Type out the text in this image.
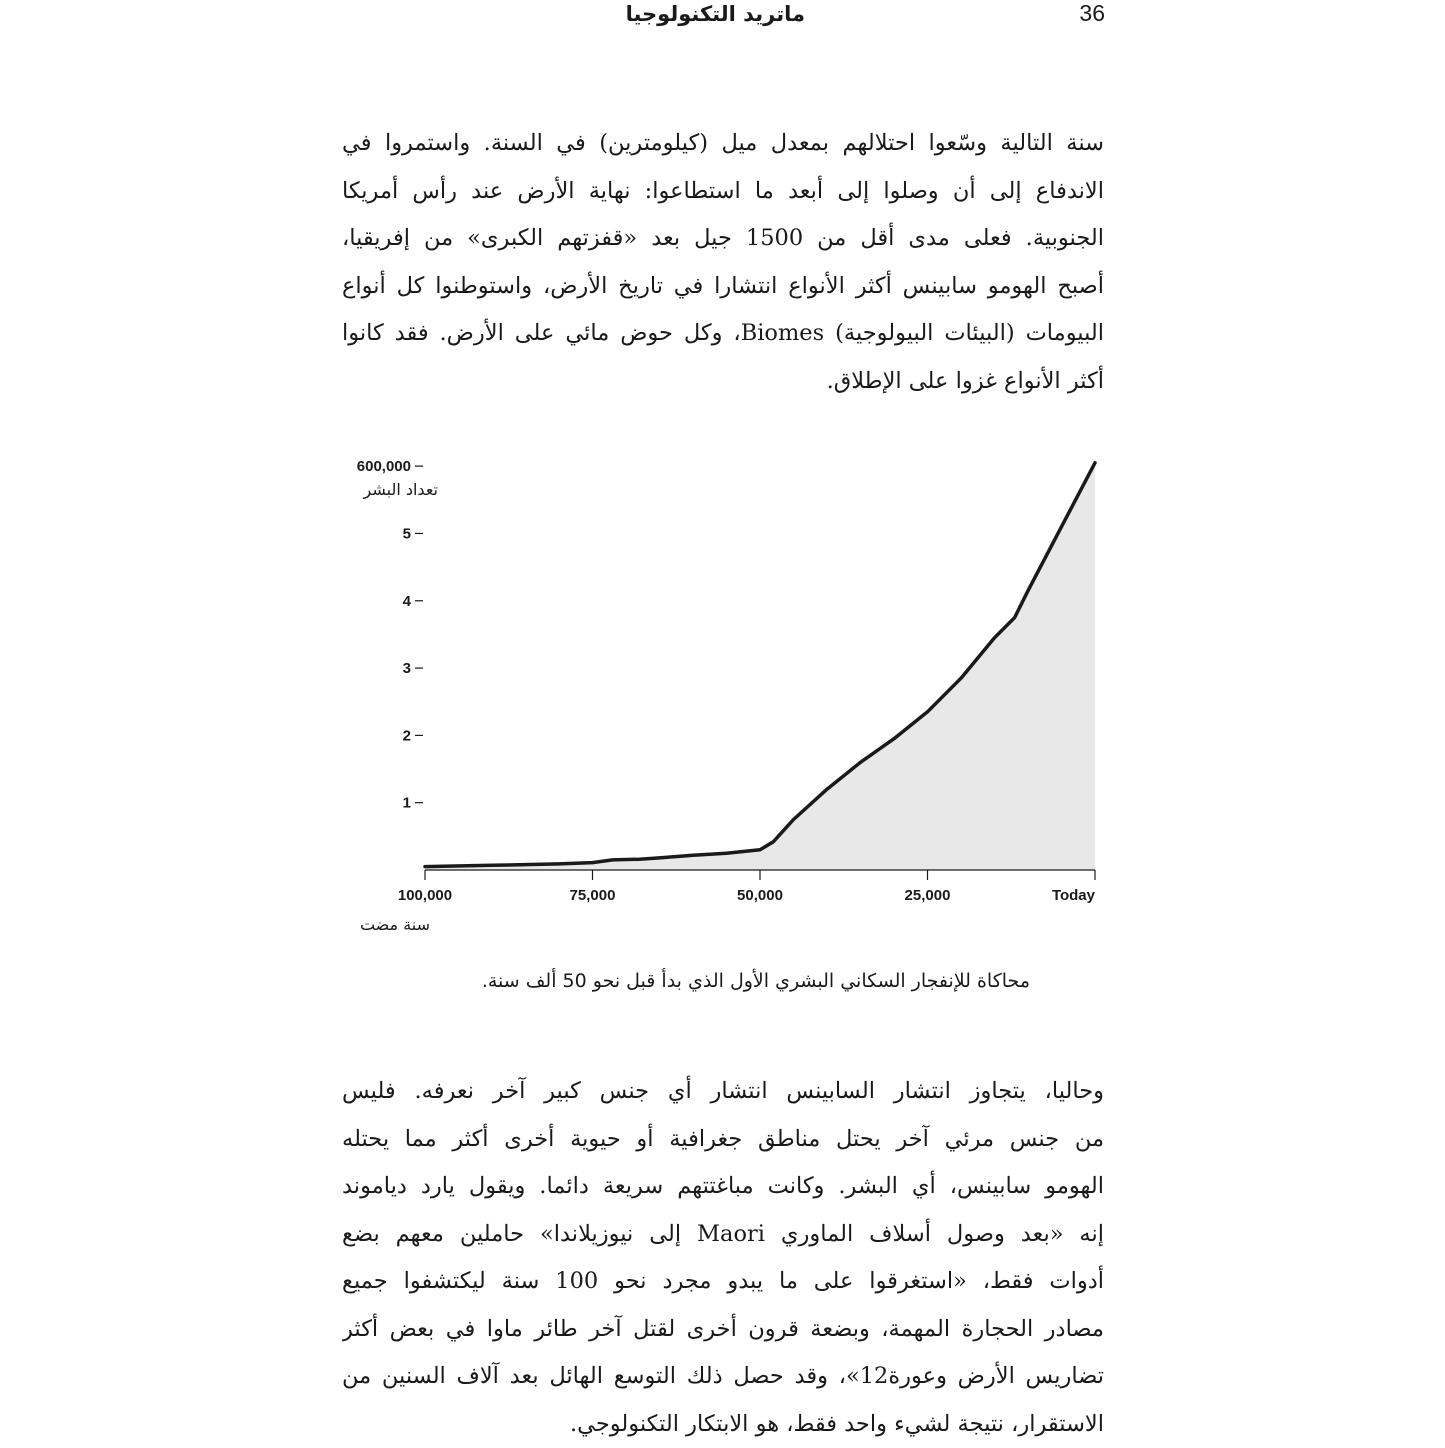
ماتريد التكنولوجيا	36
سنة التالية وسّعوا احتلالهم بمعدل ميل (كيلومترين) في السنة. واستمروا في
الاندفاع إلى أن وصلوا إلى أبعد ما استطاعوا: نهاية الأرض عند رأس أمريكا
الجنوبية. فعلى مدى أقل من 1500 جيل بعد «قفزتهم الكبرى» من إفريقيا،
أصبح الهومو سابينس أكثر الأنواع انتشارا في تاريخ الأرض، واستوطنوا كل أنواع
البيومات (البيئات البيولوجية) Biomes، وكل حوض مائي على الأرض. فقد كانوا
أكثر الأنواع غزوا على الإطلاق.
100,000	75,000	50,000	25,000	Today
600,000
5
4
3
2
1
تعداد البشر
سنة مضت
محاكاة للإنفجار السكاني البشري الأول الذي بدأ قبل نحو 50 ألف سنة.
وحاليا، يتجاوز انتشار السابينس انتشار أي جنس كبير آخر نعرفه. فليس
من جنس مرئي آخر يحتل مناطق جغرافية أو حيوية أخرى أكثر مما يحتله
الهومو سابينس، أي البشر. وكانت مباغتتهم سريعة دائما. ويقول يارد دياموند
إنه «بعد وصول أسلاف الماوري Maori إلى نيوزيلاندا» حاملين معهم بضع
أدوات فقط، «استغرقوا على ما يبدو مجرد نحو 100 سنة ليكتشفوا جميع
مصادر الحجارة المهمة، وبضعة قرون أخرى لقتل آخر طائر ماوا في بعض أكثر
تضاريس الأرض وعورة12»، وقد حصل ذلك التوسع الهائل بعد آلاف السنين من
الاستقرار، نتيجة لشيء واحد فقط، هو الابتكار التكنولوجي.
